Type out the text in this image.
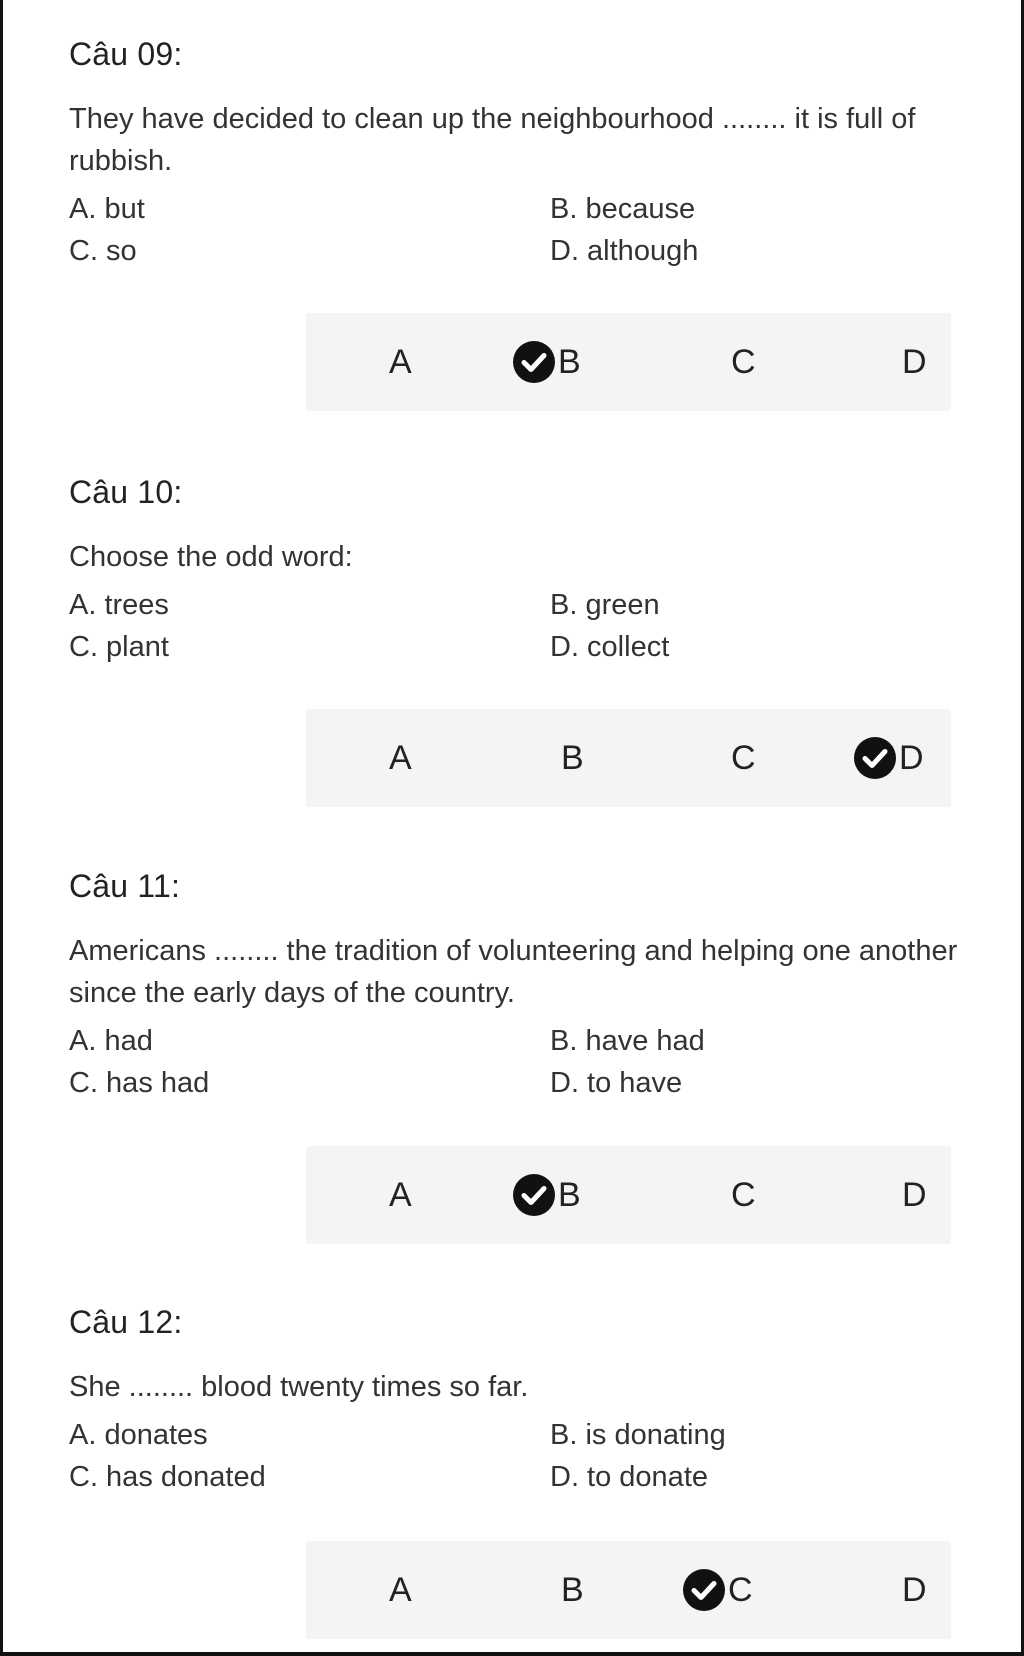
Câu 09:
They have decided to clean up the neighbourhood ........ it is full of rubbish.
A. but	B. because
C. so	D. although
A	B	C	D
Câu 10:
Choose the odd word:
A. trees	B. green
C. plant	D. collect
A	B	C	D
Câu 11:
Americans ........ the tradition of volunteering and helping one another since the early days of the country.
A. had	B. have had
C. has had	D. to have
A	B	C	D
Câu 12:
She ........ blood twenty times so far.
A. donates	B. is donating
C. has donated	D. to donate
A	B	C	D
